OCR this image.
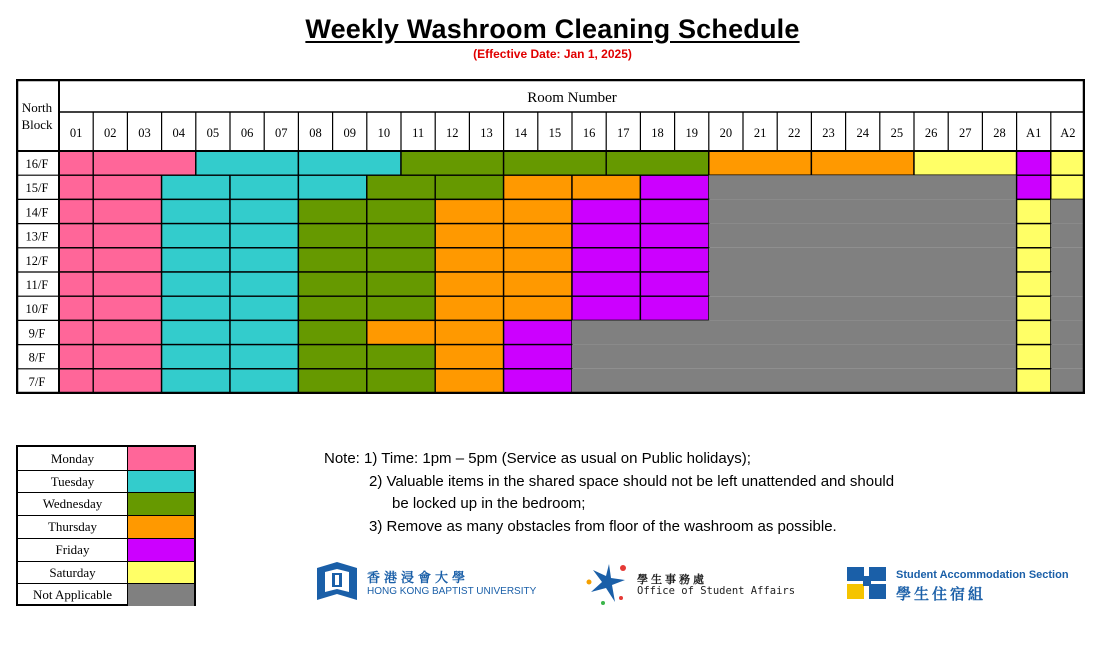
Weekly Washroom Cleaning Schedule
(Effective Date: Jan 1, 2025)
Room Number
North
Block
01 02 03 04 05 06 07 08 09 10 11 12 13 14 15 16 17 18 19 20 21 22 23 24 25 26 27 28 A1 A2
16/F
15/F
14/F
13/F
12/F
11/F
10/F
9/F
8/F
7/F
Monday
Tuesday
Wednesday
Thursday
Friday
Saturday
Not Applicable
Note: 1) Time: 1pm – 5pm (Service as usual on Public holidays);
2) Valuable items in the shared space should not be left unattended and should
be locked up in the bedroom;
3) Remove as many obstacles from floor of the washroom as possible.
香港浸會大學
HONG KONG BAPTIST UNIVERSITY
學生事務處
Office of Student Affairs
Student Accommodation Section
學生住宿組
